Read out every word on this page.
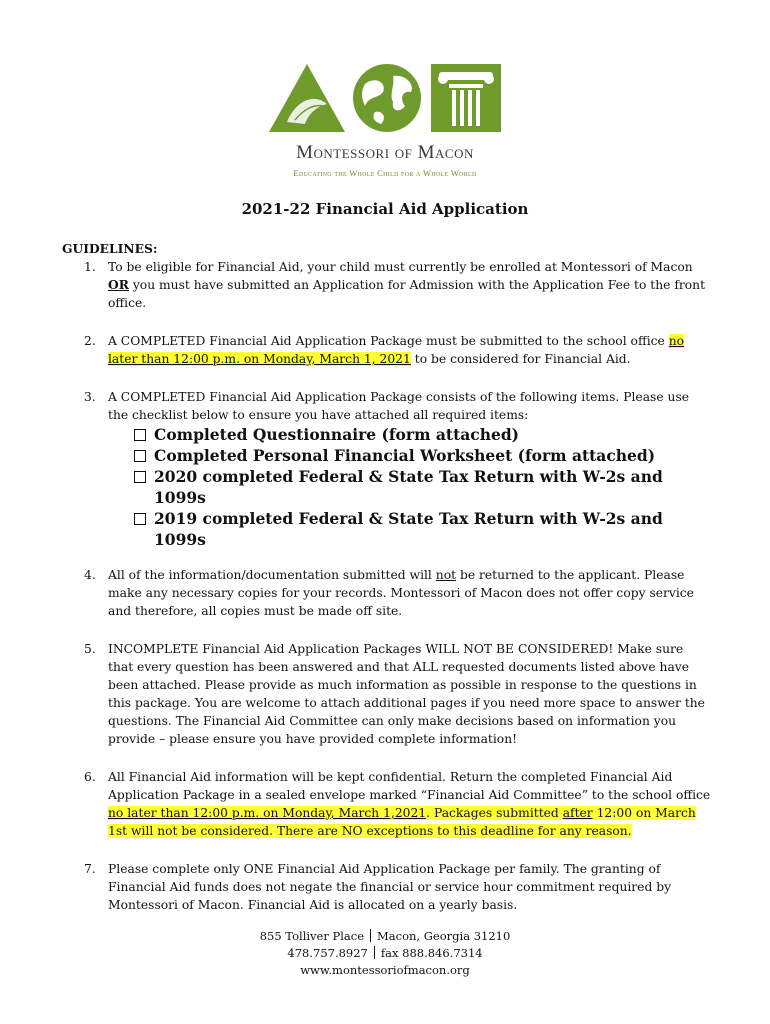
Montessori of Macon
Educating the Whole Child for a Whole World
2021-22 Financial Aid Application
GUIDELINES:
1. To be eligible for Financial Aid, your child must currently be enrolled at Montessori of Macon OR you must have submitted an Application for Admission with the Application Fee to the front office.
2. A COMPLETED Financial Aid Application Package must be submitted to the school office no later than 12:00 p.m. on Monday, March 1, 2021 to be considered for Financial Aid.
3. A COMPLETED Financial Aid Application Package consists of the following items. Please use the checklist below to ensure you have attached all required items:
Completed Questionnaire (form attached)
Completed Personal Financial Worksheet (form attached)
2020 completed Federal & State Tax Return with W-2s and 1099s
2019 completed Federal & State Tax Return with W-2s and 1099s
4. All of the information/documentation submitted will not be returned to the applicant. Please make any necessary copies for your records. Montessori of Macon does not offer copy service and therefore, all copies must be made off site.
5. INCOMPLETE Financial Aid Application Packages WILL NOT BE CONSIDERED! Make sure that every question has been answered and that ALL requested documents listed above have been attached. Please provide as much information as possible in response to the questions in this package. You are welcome to attach additional pages if you need more space to answer the questions. The Financial Aid Committee can only make decisions based on information you provide – please ensure you have provided complete information!
6. All Financial Aid information will be kept confidential. Return the completed Financial Aid Application Package in a sealed envelope marked “Financial Aid Committee” to the school office no later than 12:00 p.m. on Monday, March 1,2021. Packages submitted after 12:00 on March 1st will not be considered. There are NO exceptions to this deadline for any reason.
7. Please complete only ONE Financial Aid Application Package per family. The granting of Financial Aid funds does not negate the financial or service hour commitment required by Montessori of Macon. Financial Aid is allocated on a yearly basis.
855 Tolliver Place Macon, Georgia 31210
478.757.8927 fax 888.846.7314
www.montessoriofmacon.org
